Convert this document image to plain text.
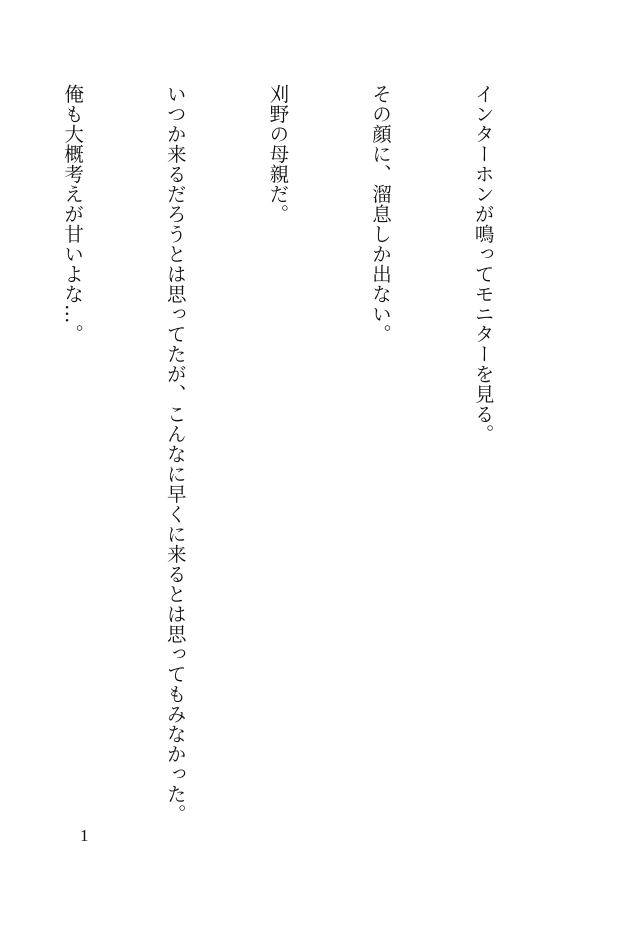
インターホンが鳴ってモニターを見る。

その顔に、溜息しか出ない。

刈野の母親だ。

いつか来るだろうとは思ってたが、こんなに早くに来るとは思ってもみなかった。

俺も大概考えが甘いよな…。

1
